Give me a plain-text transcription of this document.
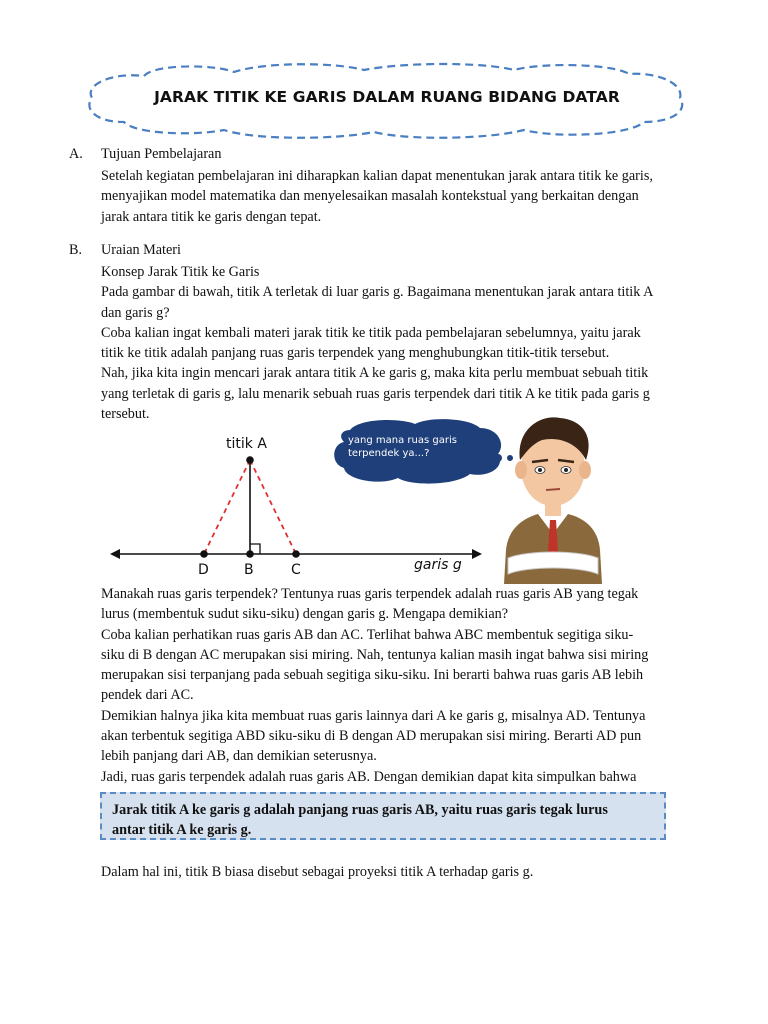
JARAK TITIK KE GARIS DALAM RUANG BIDANG DATAR
A. Tujuan Pembelajaran
Setelah kegiatan pembelajaran ini diharapkan kalian dapat menentukan jarak antara titik ke garis,
menyajikan model matematika dan menyelesaikan masalah kontekstual yang berkaitan dengan
jarak antara titik ke garis dengan tepat.
B. Uraian Materi
Konsep Jarak Titik ke Garis
Pada gambar di bawah, titik A terletak di luar garis g. Bagaimana menentukan jarak antara titik A
dan garis g?
Coba kalian ingat kembali materi jarak titik ke titik pada pembelajaran sebelumnya, yaitu jarak
titik ke titik adalah panjang ruas garis terpendek yang menghubungkan titik-titik tersebut.
Nah, jika kita ingin mencari jarak antara titik A ke garis g, maka kita perlu membuat sebuah titik
yang terletak di garis g, lalu menarik sebuah ruas garis terpendek dari titik A ke titik pada garis g
tersebut.
titik A
D	B	C	garis g
yang mana ruas garis
terpendek ya...?
Manakah ruas garis terpendek? Tentunya ruas garis terpendek adalah ruas garis AB yang tegak
lurus (membentuk sudut siku-siku) dengan garis g. Mengapa demikian?
Coba kalian perhatikan ruas garis AB dan AC. Terlihat bahwa ABC membentuk segitiga siku-
siku di B dengan AC merupakan sisi miring. Nah, tentunya kalian masih ingat bahwa sisi miring
merupakan sisi terpanjang pada sebuah segitiga siku-siku. Ini berarti bahwa ruas garis AB lebih
pendek dari AC.
Demikian halnya jika kita membuat ruas garis lainnya dari A ke garis g, misalnya AD. Tentunya
akan terbentuk segitiga ABD siku-siku di B dengan AD merupakan sisi miring. Berarti AD pun
lebih panjang dari AB, dan demikian seterusnya.
Jadi, ruas garis terpendek adalah ruas garis AB. Dengan demikian dapat kita simpulkan bahwa
Jarak titik A ke garis g adalah panjang ruas garis AB, yaitu ruas garis tegak lurus
antar titik A ke garis g.
Dalam hal ini, titik B biasa disebut sebagai proyeksi titik A terhadap garis g.
